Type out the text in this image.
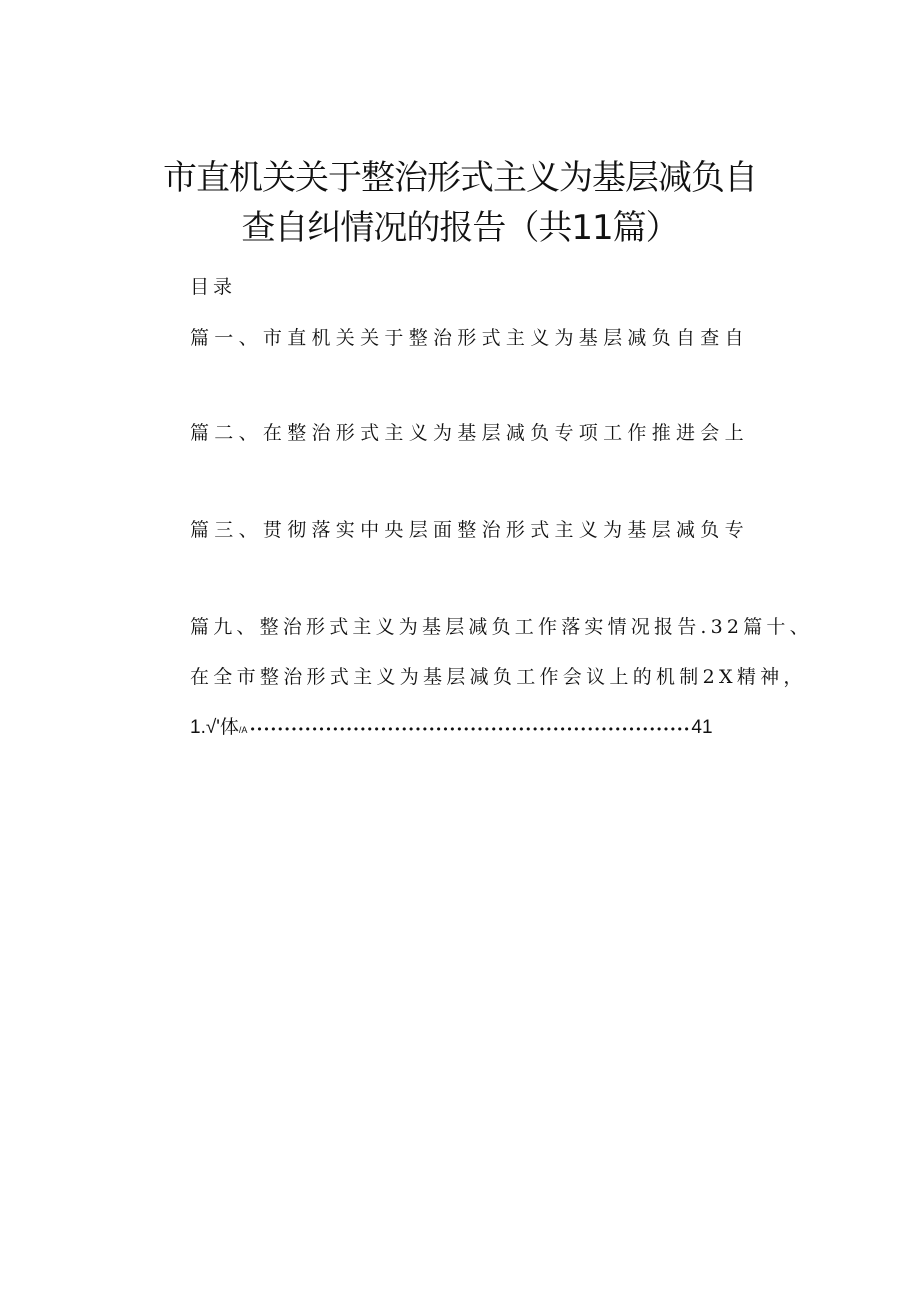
市直机关关于整治形式主义为基层减负自
查自纠情况的报告（共11篇）
目录
篇一、市直机关关于整治形式主义为基层减负自查自
篇二、在整治形式主义为基层减负专项工作推进会上
篇三、贯彻落实中央层面整治形式主义为基层减负专
篇九、整治形式主义为基层减负工作落实情况报告.32篇十、
在全市整治形式主义为基层减负工作会议上的机制2X精神，
1.√'体 /A
•••••	41
